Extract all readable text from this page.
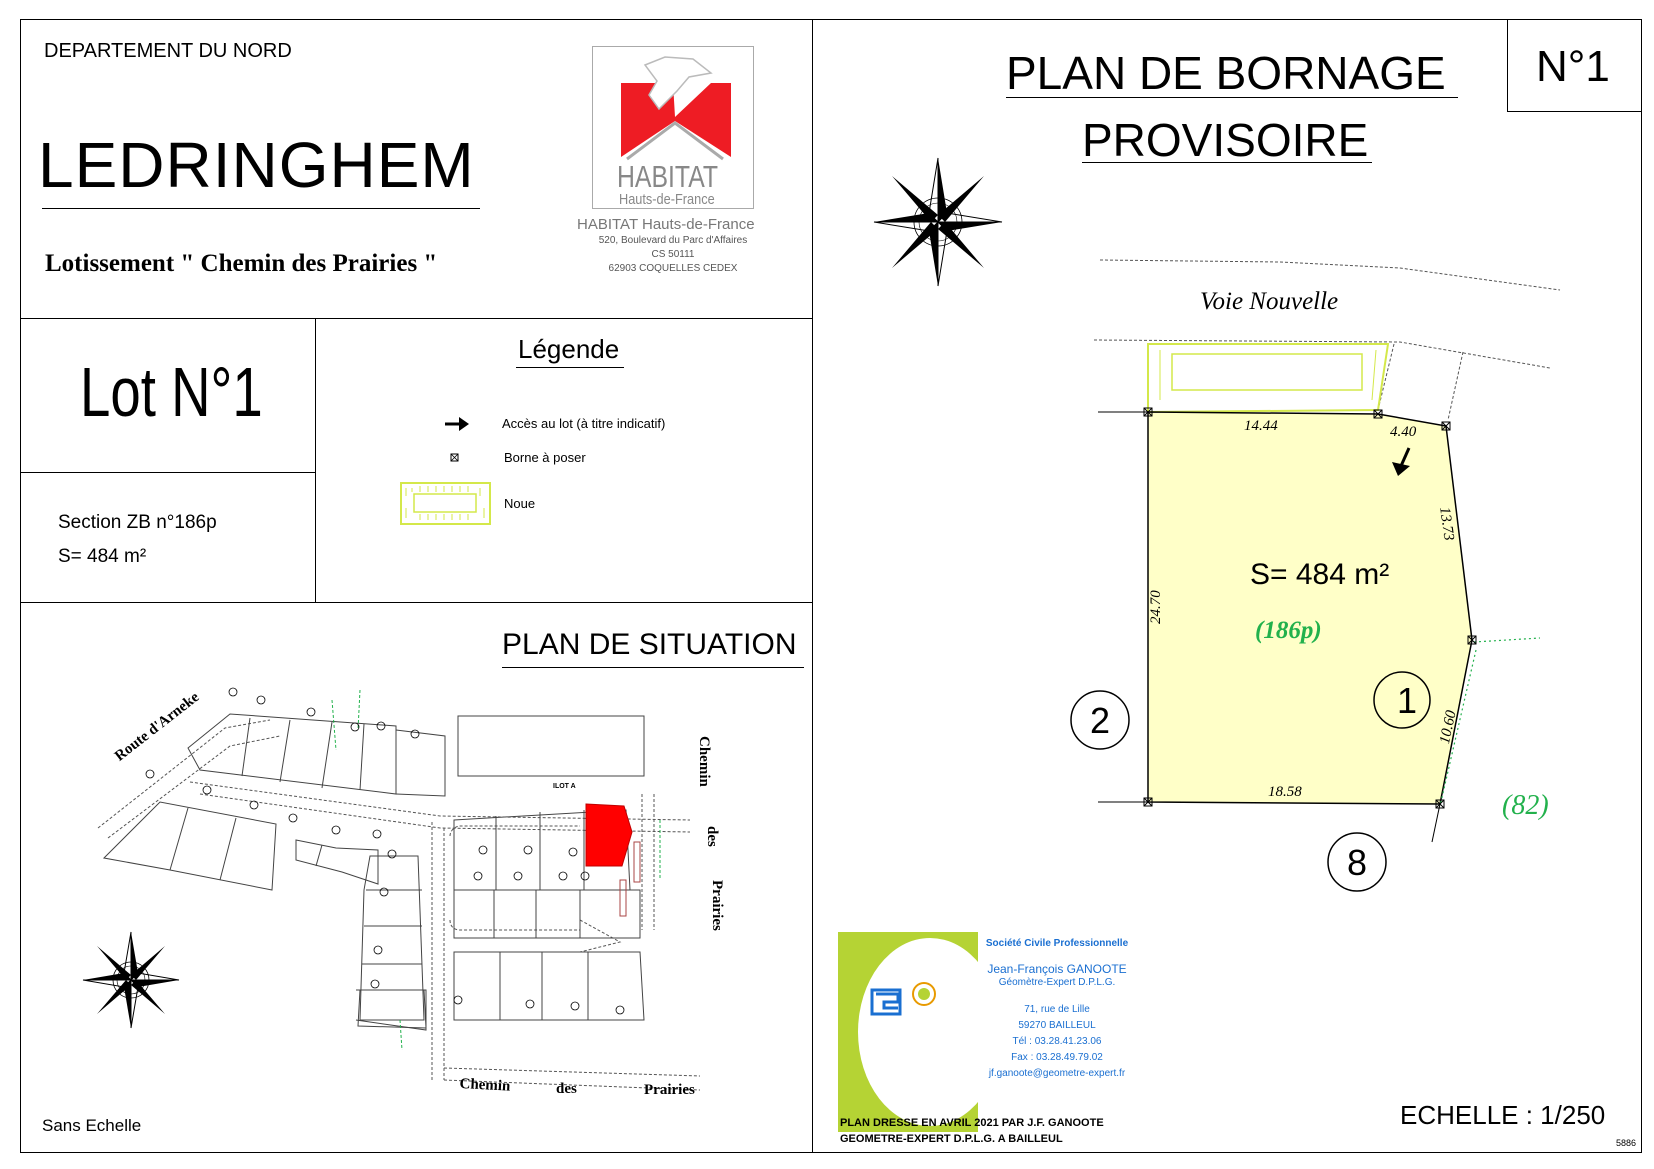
DEPARTEMENT DU NORD
LEDRINGHEM
Lotissement " Chemin des Prairies "
HABITAT
Hauts-de-France
HABITAT Hauts-de-France
520, Boulevard du Parc d'Affaires
CS 50111
62903 COQUELLES CEDEX
Lot N°1
Section ZB n°186p
S= 484 m²
Légende
Accès au lot (à titre indicatif)
Borne à poser
Noue
PLAN DE SITUATION
Sans Echelle
Route d'Arneke	Chemin
des
Prairies
Chemin	des	Prairies
ILOT A
PLAN DE BORNAGE
PROVISOIRE
N°1
Voie Nouvelle
14.44	4.40
13.73
24.70
10.60
18.58
S= 484 m²
(186p)
(82)
1
2
8
Société Civile Professionnelle
Jean-François GANOOTE
Géomètre-Expert D.P.L.G.
71, rue de Lille
59270 BAILLEUL
Tél : 03.28.41.23.06
Fax : 03.28.49.79.02
jf.ganoote@geometre-expert.fr
ECHELLE : 1/250
PLAN DRESSE EN AVRIL 2021 PAR J.F. GANOOTE
GEOMETRE-EXPERT D.P.L.G. A BAILLEUL	5886
